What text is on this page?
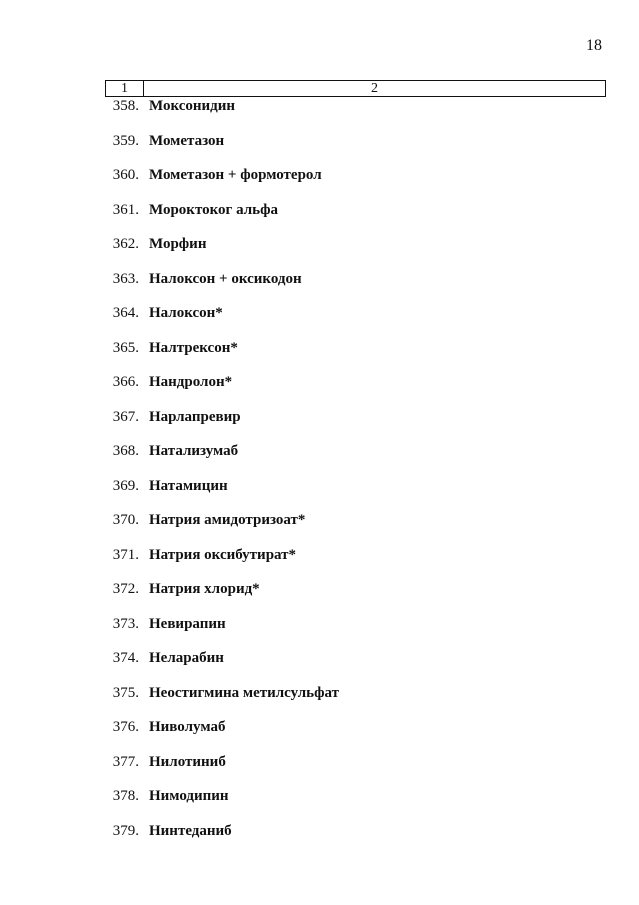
18
1	2
358. Моксонидин
359. Мометазон
360. Мометазон + формотерол
361. Мороктоког альфа
362. Морфин
363. Налоксон + оксикодон
364. Налоксон*
365. Налтрексон*
366. Нандролон*
367. Нарлапревир
368. Натализумаб
369. Натамицин
370. Натрия амидотризоат*
371. Натрия оксибутират*
372. Натрия хлорид*
373. Невирапин
374. Неларабин
375. Неостигмина метилсульфат
376. Ниволумаб
377. Нилотиниб
378. Нимодипин
379. Нинтеданиб
